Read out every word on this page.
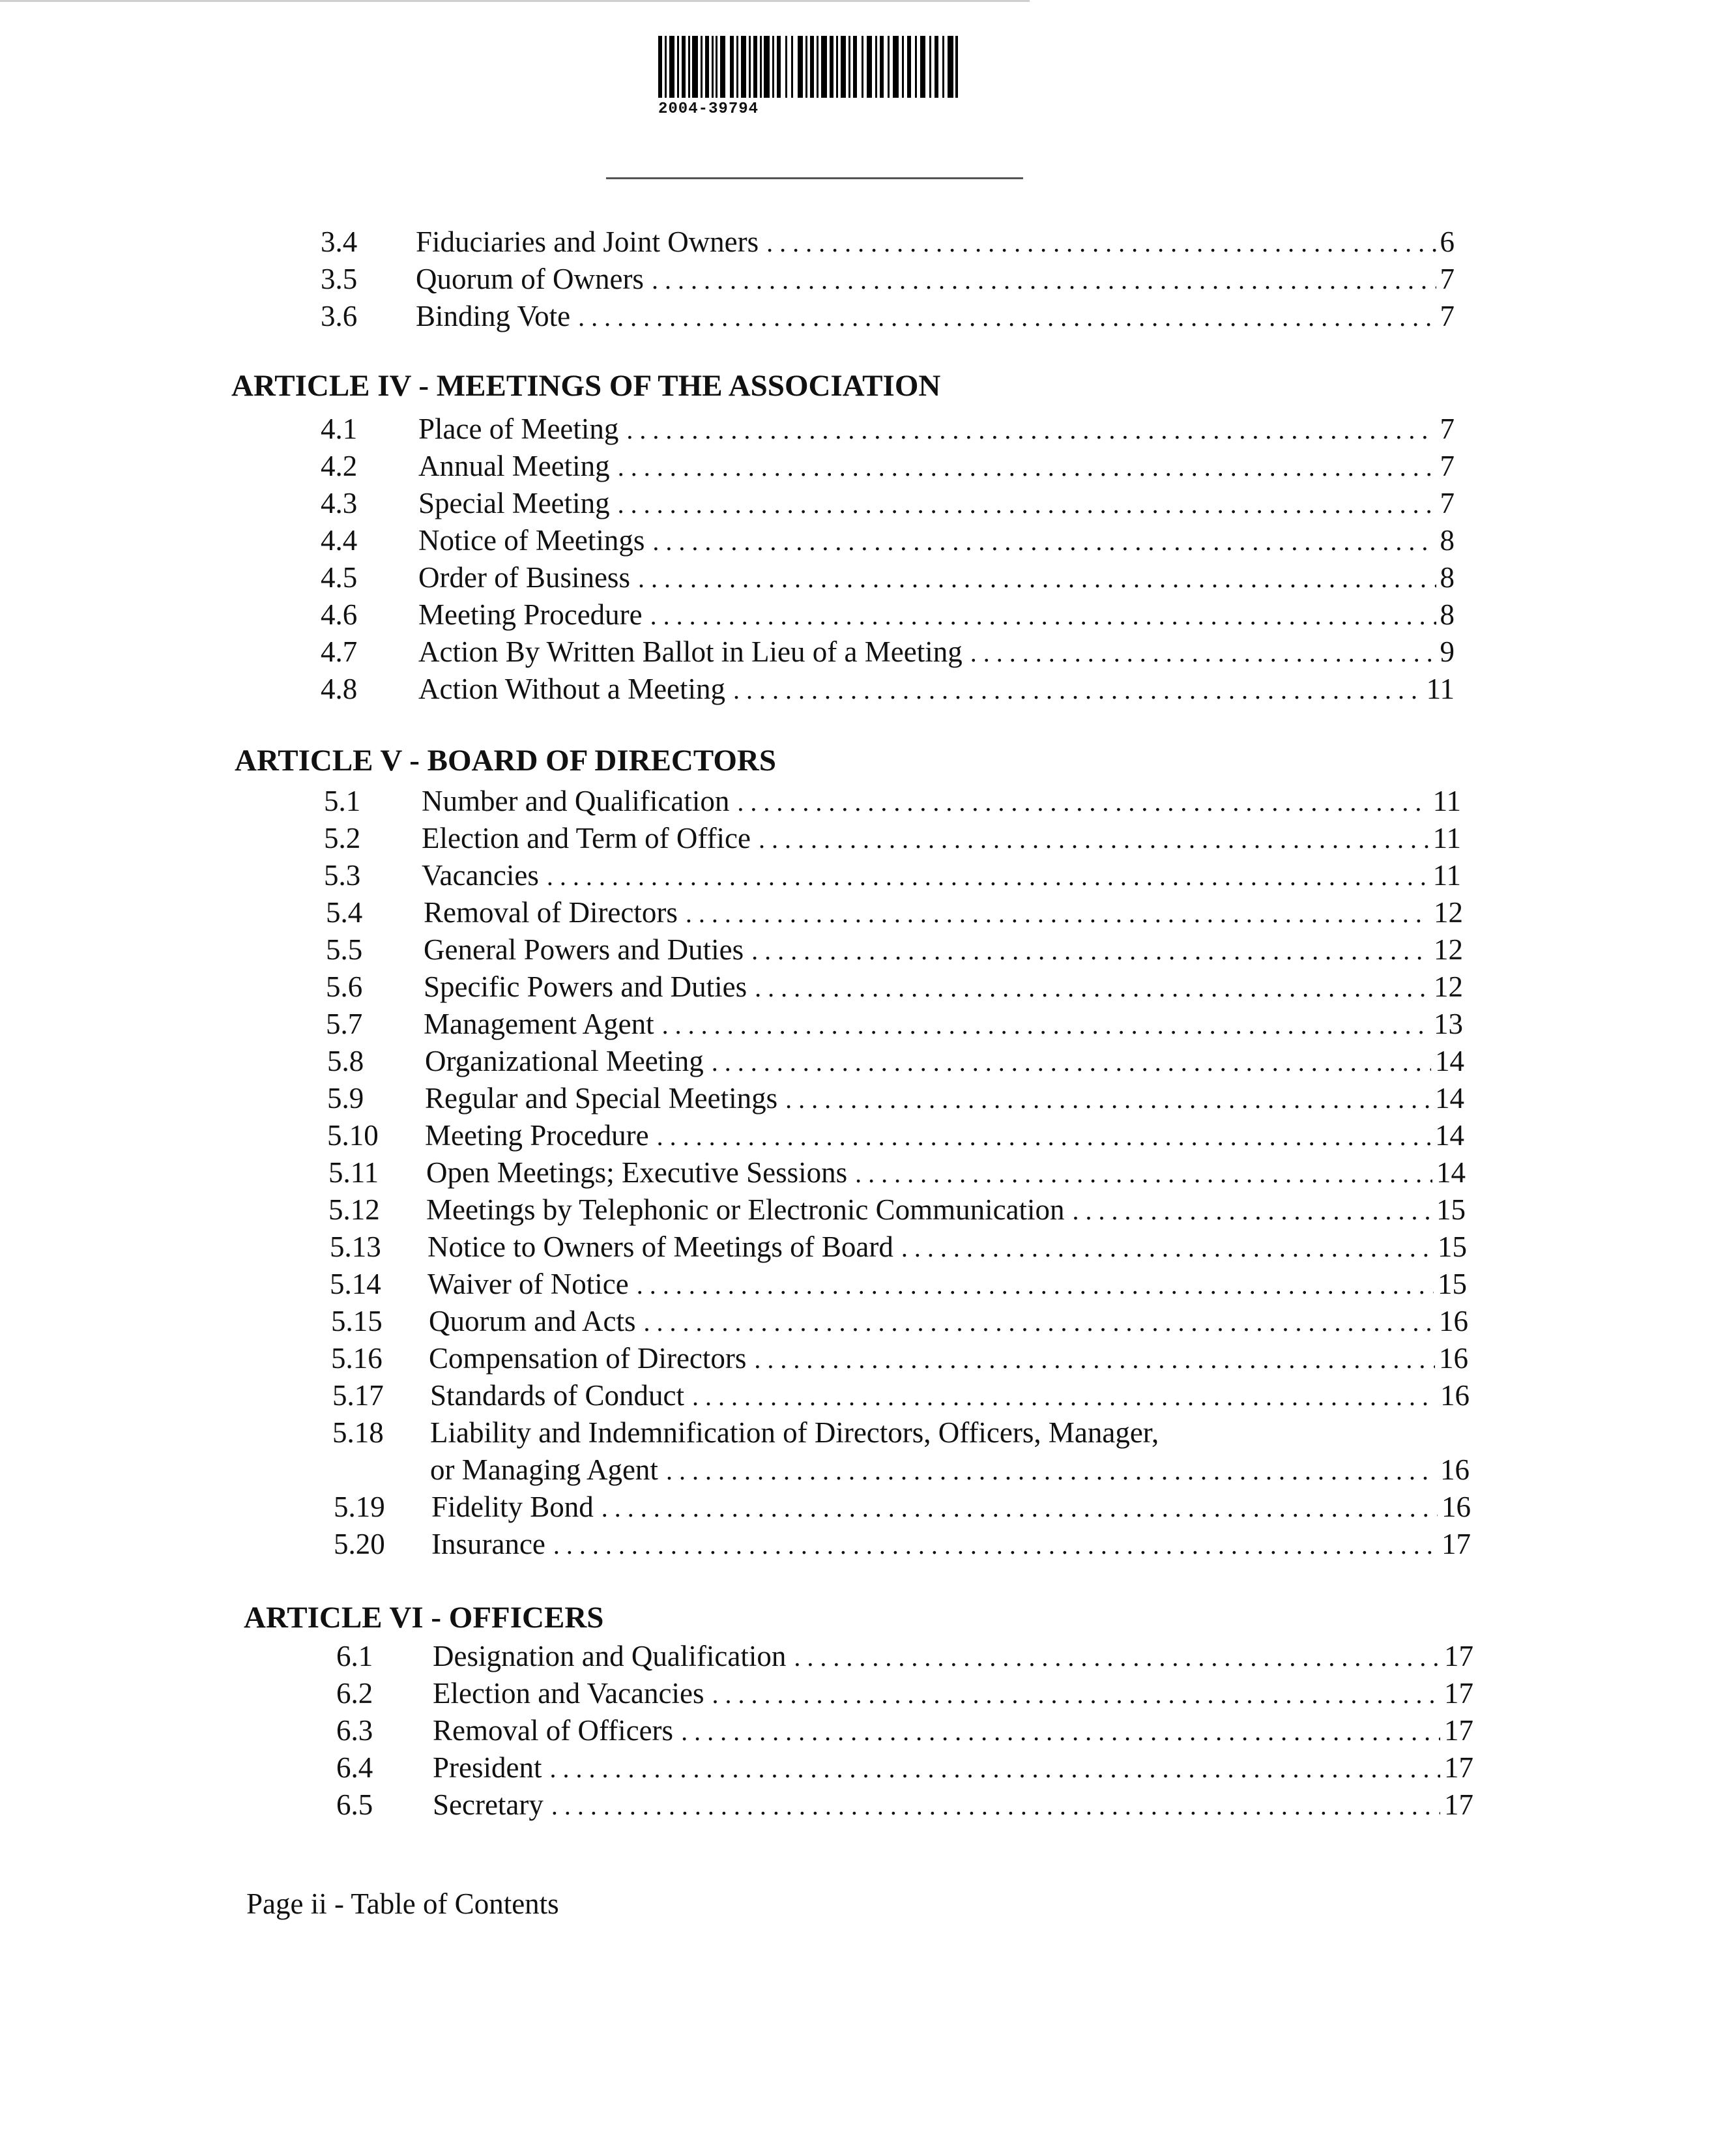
2004-39794
3.4	Fiduciaries and Joint Owners . . .	6
3.5	Quorum of Owners . . .	7
3.6	Binding Vote . . .	7
ARTICLE IV - MEETINGS OF THE ASSOCIATION
4.1	Place of Meeting . . .	7
4.2	Annual Meeting . . .	7
4.3	Special Meeting . . .	7
4.4	Notice of Meetings . . .	8
4.5	Order of Business . . .	8
4.6	Meeting Procedure . . .	8
4.7	Action By Written Ballot in Lieu of a Meeting . . .	9
4.8	Action Without a Meeting . . .	11
ARTICLE V - BOARD OF DIRECTORS
5.1	Number and Qualification . . .	11
5.2	Election and Term of Office . . .	11
5.3	Vacancies . . .	11
5.4	Removal of Directors . . .	12
5.5	General Powers and Duties . . .	12
5.6	Specific Powers and Duties . . .	12
5.7	Management Agent . . .	13
5.8	Organizational Meeting . . .	14
5.9	Regular and Special Meetings . . .	14
5.10	Meeting Procedure . . .	14
5.11	Open Meetings; Executive Sessions . . .	14
5.12	Meetings by Telephonic or Electronic Communication . . .	15
5.13	Notice to Owners of Meetings of Board . . .	15
5.14	Waiver of Notice . . .	15
5.15	Quorum and Acts . . .	16
5.16	Compensation of Directors . . .	16
5.17	Standards of Conduct . . .	16
5.18	Liability and Indemnification of Directors, Officers, Manager,
or Managing Agent . . .	16
5.19	Fidelity Bond . . .	16
5.20	Insurance . . .	17
ARTICLE VI - OFFICERS
6.1	Designation and Qualification . . .	17
6.2	Election and Vacancies . . .	17
6.3	Removal of Officers . . .	17
6.4	President . . .	17
6.5	Secretary . . .	17
Page ii - Table of Contents
